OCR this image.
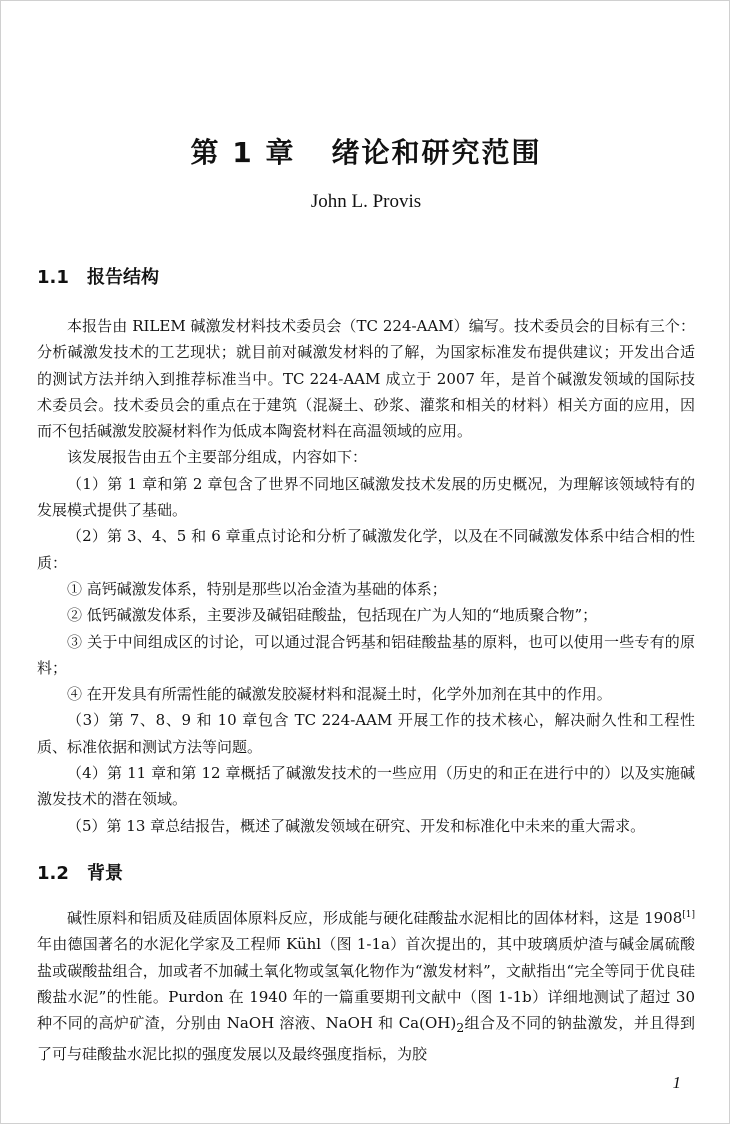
第 1 章 绪论和研究范围

John L. Provis

1.1 报告结构

本报告由 RILEM 碱激发材料技术委员会（TC 224-AAM）编写。技术委员会的目标有三个：分析碱激发技术的工艺现状；就目前对碱激发材料的了解，为国家标准发布提供建议；开发出合适的测试方法并纳入到推荐标准当中。TC 224-AAM 成立于 2007 年，是首个碱激发领域的国际技术委员会。技术委员会的重点在于建筑（混凝土、砂浆、灌浆和相关的材料）相关方面的应用，因而不包括碱激发胶凝材料作为低成本陶瓷材料在高温领域的应用。

该发展报告由五个主要部分组成，内容如下：

（1）第 1 章和第 2 章包含了世界不同地区碱激发技术发展的历史概况，为理解该领域特有的发展模式提供了基础。

（2）第 3、4、5 和 6 章重点讨论和分析了碱激发化学，以及在不同碱激发体系中结合相的性质：

① 高钙碱激发体系，特别是那些以冶金渣为基础的体系；

② 低钙碱激发体系，主要涉及碱铝硅酸盐，包括现在广为人知的“地质聚合物”；

③ 关于中间组成区的讨论，可以通过混合钙基和铝硅酸盐基的原料，也可以使用一些专有的原料；

④ 在开发具有所需性能的碱激发胶凝材料和混凝土时，化学外加剂在其中的作用。

（3）第 7、8、9 和 10 章包含 TC 224-AAM 开展工作的技术核心，解决耐久性和工程性质、标准依据和测试方法等问题。

（4）第 11 章和第 12 章概括了碱激发技术的一些应用（历史的和正在进行中的）以及实施碱激发技术的潜在领域。

（5）第 13 章总结报告，概述了碱激发领域在研究、开发和标准化中未来的重大需求。

1.2 背景

碱性原料和铝质及硅质固体原料反应，形成能与硬化硅酸盐水泥相比的固体材料，这是 1908[1]年由德国著名的水泥化学家及工程师 Kühl（图 1-1a）首次提出的，其中玻璃质炉渣与碱金属硫酸盐或碳酸盐组合，加或者不加碱土氧化物或氢氧化物作为“激发材料”，文献指出“完全等同于优良硅酸盐水泥”的性能。Purdon 在 1940 年的一篇重要期刊文献中（图 1-1b）详细地测试了超过 30 种不同的高炉矿渣，分别由 NaOH 溶液、NaOH 和 $Ca(OH)_2$组合及不同的钠盐激发，并且得到了可与硅酸盐水泥比拟的强度发展以及最终强度指标，为胶

1
